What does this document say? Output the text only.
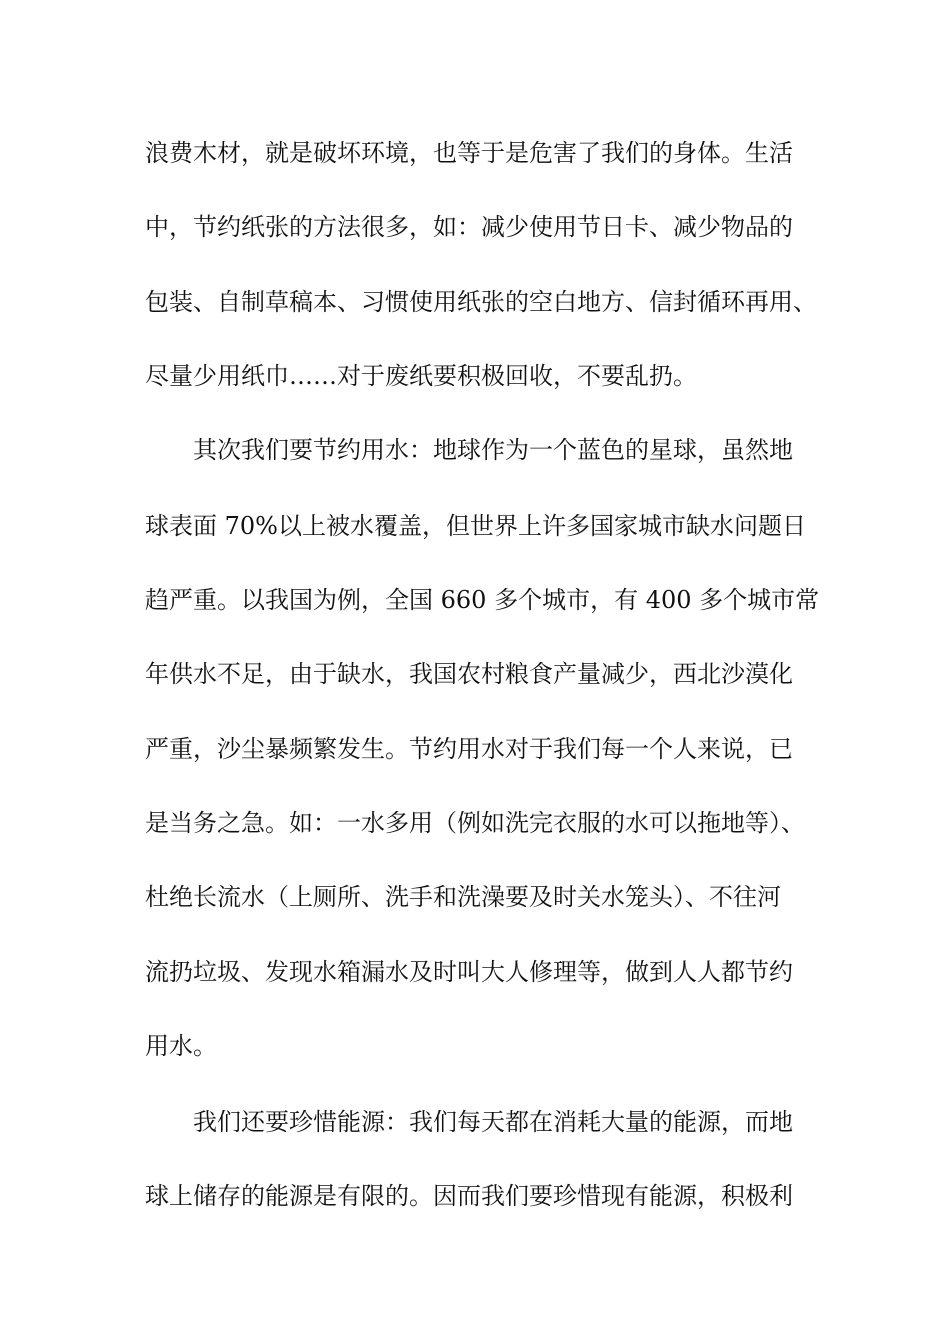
浪费木材，就是破坏环境，也等于是危害了我们的身体。生活

中，节约纸张的方法很多，如：减少使用节日卡、减少物品的

包装、自制草稿本、习惯使用纸张的空白地方、信封循环再用、

尽量少用纸巾……对于废纸要积极回收，不要乱扔。

其次我们要节约用水：地球作为一个蓝色的星球，虽然地

球表面 70%以上被水覆盖，但世界上许多国家城市缺水问题日

趋严重。以我国为例，全国 660 多个城市，有 400 多个城市常

年供水不足，由于缺水，我国农村粮食产量减少，西北沙漠化

严重，沙尘暴频繁发生。节约用水对于我们每一个人来说，已

是当务之急。如：一水多用（例如洗完衣服的水可以拖地等）、

杜绝长流水（上厕所、洗手和洗澡要及时关水笼头）、不往河

流扔垃圾、发现水箱漏水及时叫大人修理等，做到人人都节约

用水。

我们还要珍惜能源：我们每天都在消耗大量的能源，而地

球上储存的能源是有限的。因而我们要珍惜现有能源，积极利
